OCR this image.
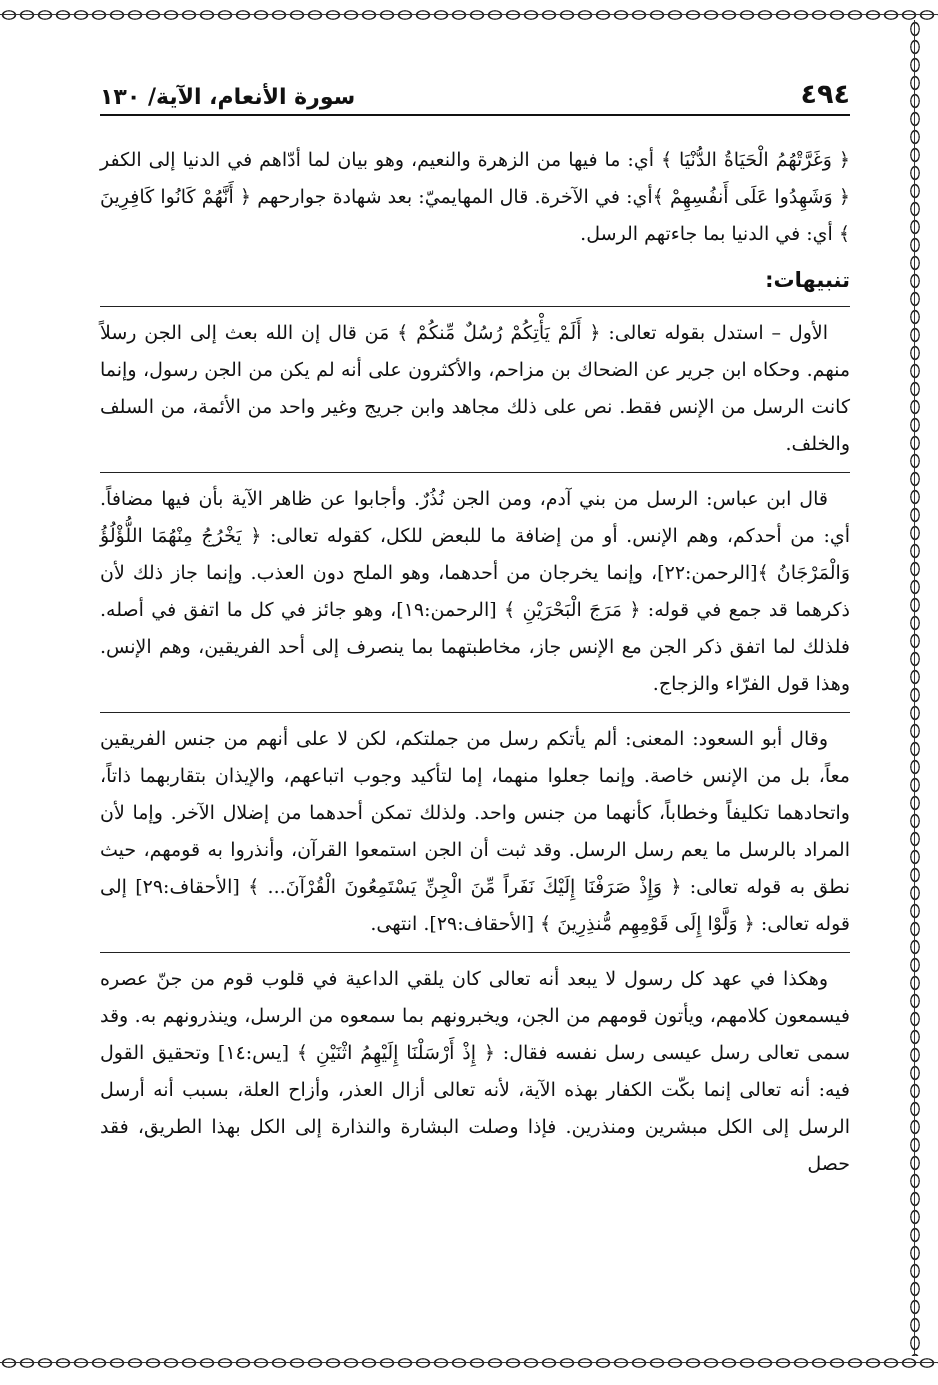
٤٩٤
سورة الأنعام، الآية/ ١٣٠

﴿ وَغَرَّتْهُمُ الْحَيَاةُ الدُّنْيَا ﴾ أي: ما فيها من الزهرة والنعيم، وهو بيان لما أدّاهم في الدنيا إلى الكفر ﴿ وَشَهِدُوا عَلَى أَنفُسِهِمْ ﴾أي: في الآخرة. قال المهايميّ: بعد شهادة جوارحهم ﴿ أَنَّهُمْ كَانُوا كَافِرِينَ ﴾ أي: في الدنيا بما جاءتهم الرسل.

تنبيهات:

الأول – استدل بقوله تعالى: ﴿ أَلَمْ يَأْتِكُمْ رُسُلٌ مِّنكُمْ ﴾ مَن قال إن الله بعث إلى الجن رسلاً منهم. وحكاه ابن جرير عن الضحاك بن مزاحم، والأكثرون على أنه لم يكن من الجن رسول، وإنما كانت الرسل من الإنس فقط. نص على ذلك مجاهد وابن جريج وغير واحد من الأئمة، من السلف والخلف.

قال ابن عباس: الرسل من بني آدم، ومن الجن نُذُرٌ. وأجابوا عن ظاهر الآية بأن فيها مضافاً. أي: من أحدكم، وهم الإنس. أو من إضافة ما للبعض للكل، كقوله تعالى: ﴿ يَخْرُجُ مِنْهُمَا اللُّؤْلُؤُ وَالْمَرْجَانُ ﴾[الرحمن:٢٢]، وإنما يخرجان من أحدهما، وهو الملح دون العذب. وإنما جاز ذلك لأن ذكرهما قد جمع في قوله: ﴿ مَرَجَ الْبَحْرَيْنِ ﴾ [الرحمن:١٩]، وهو جائز في كل ما اتفق في أصله. فلذلك لما اتفق ذكر الجن مع الإنس جاز، مخاطبتهما بما ينصرف إلى أحد الفريقين، وهم الإنس. وهذا قول الفرّاء والزجاج.

وقال أبو السعود: المعنى: ألم يأتكم رسل من جملتكم، لكن لا على أنهم من جنس الفريقين معاً، بل من الإنس خاصة. وإنما جعلوا منهما، إما لتأكيد وجوب اتباعهم، والإيذان بتقاربهما ذاتاً، واتحادهما تكليفاً وخطاباً، كأنهما من جنس واحد. ولذلك تمكن أحدهما من إضلال الآخر. وإما لأن المراد بالرسل ما يعم رسل الرسل. وقد ثبت أن الجن استمعوا القرآن، وأنذروا به قومهم، حيث نطق به قوله تعالى: ﴿ وَإِذْ صَرَفْنَا إِلَيْكَ نَفَراً مِّنَ الْجِنِّ يَسْتَمِعُونَ الْقُرْآنَ... ﴾ [الأحقاف:٢٩] إلى قوله تعالى: ﴿ وَلَّوْا إِلَى قَوْمِهِم مُّنذِرِينَ ﴾ [الأحقاف:٢٩]. انتهى.

وهكذا في عهد كل رسول لا يبعد أنه تعالى كان يلقي الداعية في قلوب قوم من جنّ عصره فيسمعون كلامهم، ويأتون قومهم من الجن، ويخبرونهم بما سمعوه من الرسل، وينذرونهم به. وقد سمى تعالى رسل عيسى رسل نفسه فقال: ﴿ إِذْ أَرْسَلْنَا إِلَيْهِمُ اثْنَيْنِ ﴾ [يس:١٤] وتحقيق القول فيه: أنه تعالى إنما بكّت الكفار بهذه الآية، لأنه تعالى أزال العذر، وأزاح العلة، بسبب أنه أرسل الرسل إلى الكل مبشرين ومنذرين. فإذا وصلت البشارة والنذارة إلى الكل بهذا الطريق، فقد حصل
